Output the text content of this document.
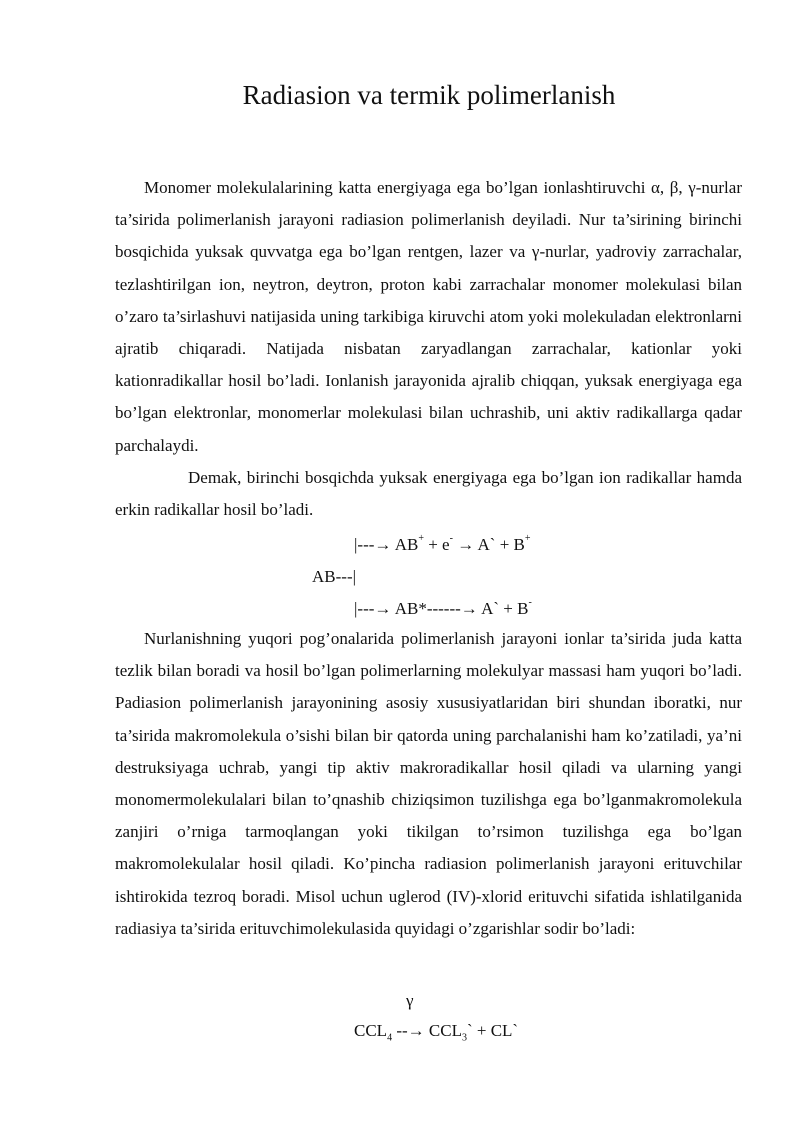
Radiasion va termik polimerlanish

Monomer molekulalarining katta energiyaga ega bo’lgan ionlashtiruvchi α, β, γ-nurlar ta’sirida polimerlanish jarayoni radiasion polimerlanish deyiladi. Nur ta’sirining birinchi bosqichida yuksak quvvatga ega bo’lgan rentgen, lazer va γ-nurlar, yadroviy zarrachalar, tezlashtirilgan ion, neytron, deytron, proton kabi zarrachalar monomer molekulasi bilan o’zaro ta’sirlashuvi natijasida uning tarkibiga kiruvchi atom yoki molekuladan elektronlarni ajratib chiqaradi. Natijada nisbatan zaryadlangan zarrachalar, kationlar yoki kationradikallar hosil bo’ladi. Ionlanish jarayonida ajralib chiqqan, yuksak energiyaga ega bo’lgan elektronlar, monomerlar molekulasi bilan uchrashib, uni aktiv radikallarga qadar parchalaydi.

Demak, birinchi bosqichda yuksak energiyaga ega bo’lgan ion radikallar hamda erkin radikallar hosil bo’ladi.

|---→ AB+ + e- → A` + B+
AB---|
|---→ AB*------→ A` + B-

Nurlanishning yuqori pog’onalarida polimerlanish jarayoni ionlar ta’sirida juda katta tezlik bilan boradi va hosil bo’lgan polimerlarning molekulyar massasi ham yuqori bo’ladi. Padiasion polimerlanish jarayonining asosiy xususiyatlaridan biri shundan iboratki, nur ta’sirida makromolekula o’sishi bilan bir qatorda uning parchalanishi ham ko’zatiladi, ya’ni destruksiyaga uchrab, yangi tip aktiv makroradikallar hosil qiladi va ularning yangi monomermolekulalari bilan to’qnashib chiziqsimon tuzilishga ega bo’lganmakromolekula zanjiri o’rniga tarmoqlangan yoki tikilgan to’rsimon tuzilishga ega bo’lgan makromolekulalar hosil qiladi. Ko’pincha radiasion polimerlanish jarayoni erituvchilar ishtirokida tezroq boradi. Misol uchun uglerod (IV)-xlorid erituvchi sifatida ishlatilganida radiasiya ta’sirida erituvchimolekulasida quyidagi o’zgarishlar sodir bo’ladi:

γ
$CCL_4$ --→ $CCL_3`$ + CL`
